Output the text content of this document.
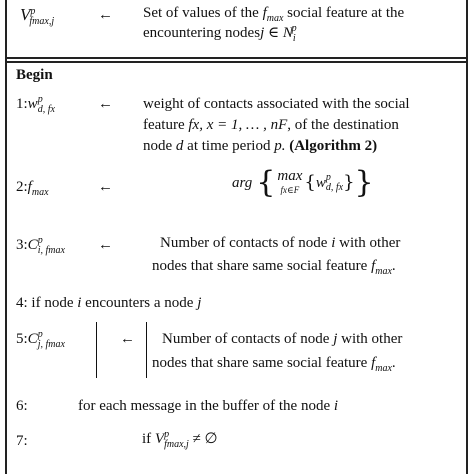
$V^p_{fmax,j}$	← Set of values of the $f_{max}$ social feature at the
encountering nodesj ∈ $N_i^p$
Begin
$1:w^p_{d, fx}$	← weight of contacts associated with the social
feature fx, x = 1, … , nF, of the destination
node d at time period p. (Algorithm 2)
$2:f_{max}$	←	arg { max
fx∈F { w p
d, fx } }
$3:C^p_{i, fmax}$ ←	Number of contacts of node i with other
nodes that share same social feature $f_{max}$.
4: if node i encounters a node j
$5:C^p_{j, fmax}$	← Number of contacts of node j with other
nodes that share same social feature $f_{max}$.
6:	for each message in the buffer of the node i
7:	if $V^p_{fmax,j}$ ≠ ∅
